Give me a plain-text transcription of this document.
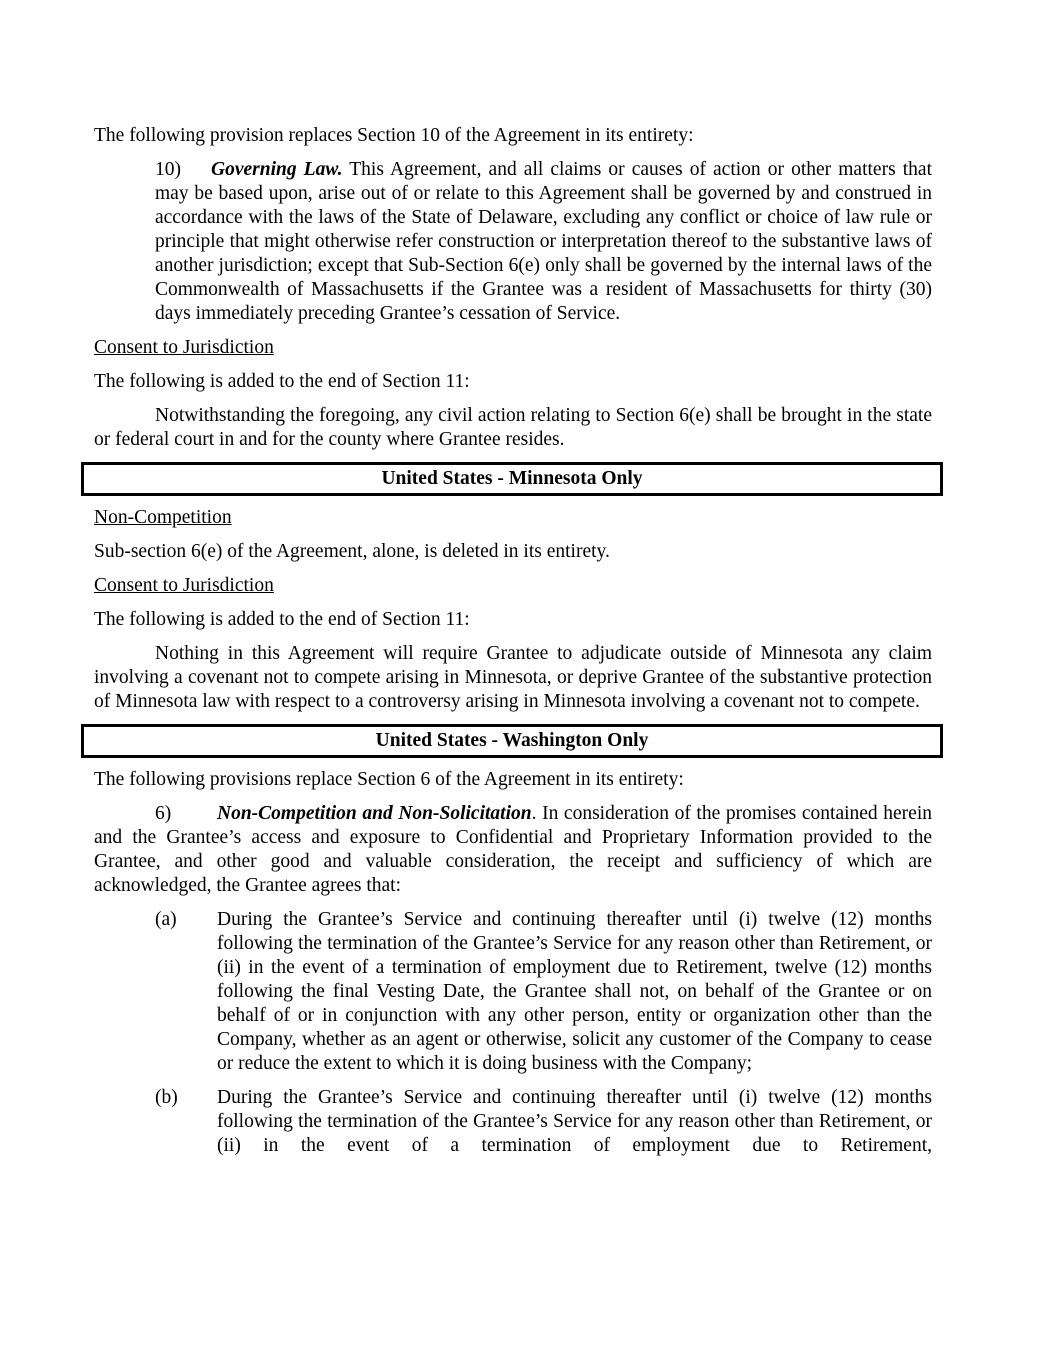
The following provision replaces Section 10 of the Agreement in its entirety:

10) Governing Law. This Agreement, and all claims or causes of action or other matters that may be based upon, arise out of or relate to this Agreement shall be governed by and construed in accordance with the laws of the State of Delaware, excluding any conflict or choice of law rule or principle that might otherwise refer construction or interpretation thereof to the substantive laws of another jurisdiction; except that Sub-Section 6(e) only shall be governed by the internal laws of the Commonwealth of Massachusetts if the Grantee was a resident of Massachusetts for thirty (30) days immediately preceding Grantee’s cessation of Service.

Consent to Jurisdiction

The following is added to the end of Section 11:

Notwithstanding the foregoing, any civil action relating to Section 6(e) shall be brought in the state or federal court in and for the county where Grantee resides.

United States - Minnesota Only

Non-Competition

Sub-section 6(e) of the Agreement, alone, is deleted in its entirety.

Consent to Jurisdiction

The following is added to the end of Section 11:

Nothing in this Agreement will require Grantee to adjudicate outside of Minnesota any claim involving a covenant not to compete arising in Minnesota, or deprive Grantee of the substantive protection of Minnesota law with respect to a controversy arising in Minnesota involving a covenant not to compete.

United States - Washington Only

The following provisions replace Section 6 of the Agreement in its entirety:

6) Non-Competition and Non-Solicitation. In consideration of the promises contained herein and the Grantee’s access and exposure to Confidential and Proprietary Information provided to the Grantee, and other good and valuable consideration, the receipt and sufficiency of which are acknowledged, the Grantee agrees that:

(a)	During the Grantee’s Service and continuing thereafter until (i) twelve (12) months following the termination of the Grantee’s Service for any reason other than Retirement, or (ii) in the event of a termination of employment due to Retirement, twelve (12) months following the final Vesting Date, the Grantee shall not, on behalf of the Grantee or on behalf of or in conjunction with any other person, entity or organization other than the Company, whether as an agent or otherwise, solicit any customer of the Company to cease or reduce the extent to which it is doing business with the Company;
(b)	During the Grantee’s Service and continuing thereafter until (i) twelve (12) months following the termination of the Grantee’s Service for any reason other than Retirement, or (ii) in the event of a termination of employment due to Retirement,
